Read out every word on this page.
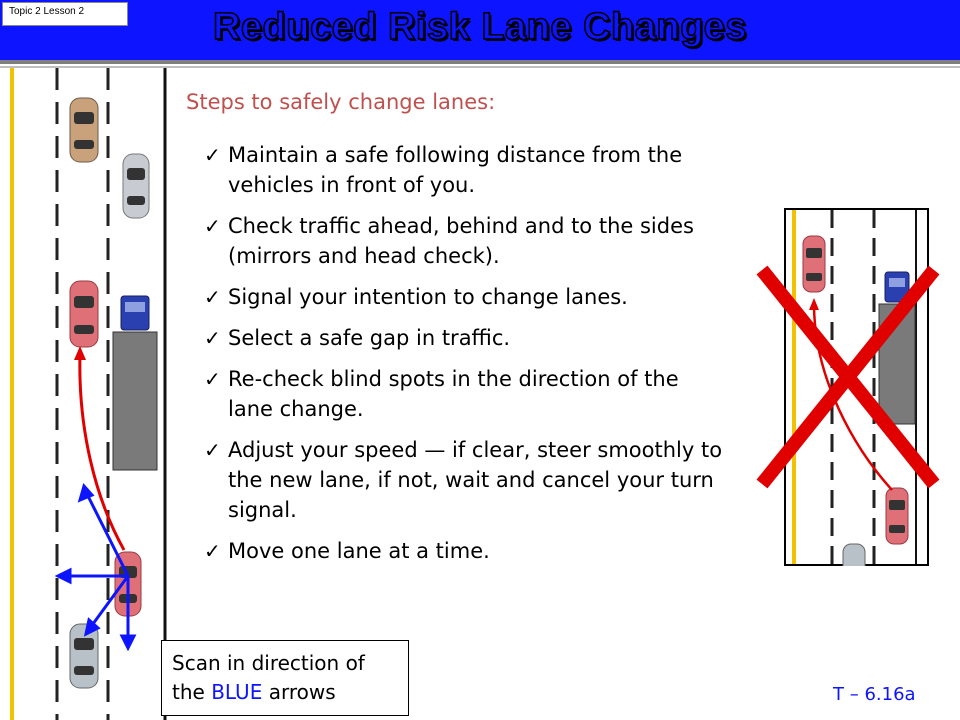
Topic 2 Lesson 2	Reduced Risk Lane Changes
Steps to safely change lanes:
✓ Maintain a safe following distance from the vehicles in front of you.
✓ Check traffic ahead, behind and to the sides (mirrors and head check).
✓ Signal your intention to change lanes.
✓ Select a safe gap in traffic.
✓ Re-check blind spots in the direction of the lane change.
✓ Adjust your speed — if clear, steer smoothly to the new lane, if not, wait and cancel your turn signal.
✓ Move one lane at a time.
Scan in direction of
the BLUE arrows	T – 6.16a
